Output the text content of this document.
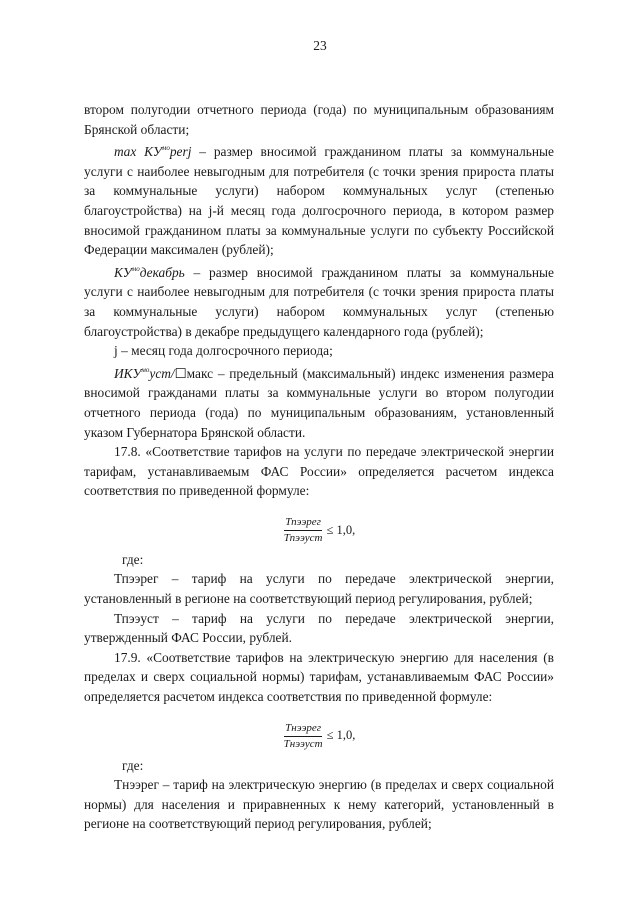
23

втором полугодии отчетного периода (года) по муниципальным образованиям Брянской области;

$\max КУ^{мо}perj$ – размер вносимой гражданином платы за коммунальные услуги с наиболее невыгодным для потребителя (с точки зрения прироста платы за коммунальные услуги) набором коммунальных услуг (степенью благоустройства) на j-й месяц года долгосрочного периода, в котором размер вносимой гражданином платы за коммунальные услуги по субъекту Российской Федерации максимален (рублей);

$КУ^{мо}декабрь$ – размер вносимой гражданином платы за коммунальные услуги с наиболее невыгодным для потребителя (с точки зрения прироста платы за коммунальные услуги) набором коммунальных услуг (степенью благоустройства) в декабре предыдущего календарного года (рублей);

j – месяц года долгосрочного периода;

$ИКУ^{мо}уст/☐макс$ – предельный (максимальный) индекс изменения размера вносимой гражданами платы за коммунальные услуги во втором полугодии отчетного периода (года) по муниципальным образованиям, установленный указом Губернатора Брянской области.

17.8. «Соответствие тарифов на услуги по передаче электрической энергии тарифам, устанавливаемым ФАС России» определяется расчетом индекса соответствия по приведенной формуле:

$\frac{\text{Тпээрег}}{\text{Тпээуст}} \le 1,0$,

где:

Тпээрег – тариф на услуги по передаче электрической энергии, установленный в регионе на соответствующий период регулирования, рублей;

Тпээуст – тариф на услуги по передаче электрической энергии, утвержденный ФАС России, рублей.

17.9. «Соответствие тарифов на электрическую энергию для населения (в пределах и сверх социальной нормы) тарифам, устанавливаемым ФАС России» определяется расчетом индекса соответствия по приведенной формуле:

$\frac{\text{Тнээрег}}{\text{Тнээуст}} \le 1,0$,

где:

Тнээрег – тариф на электрическую энергию (в пределах и сверх социальной нормы) для населения и приравненных к нему категорий, установленный в регионе на соответствующий период регулирования, рублей;
